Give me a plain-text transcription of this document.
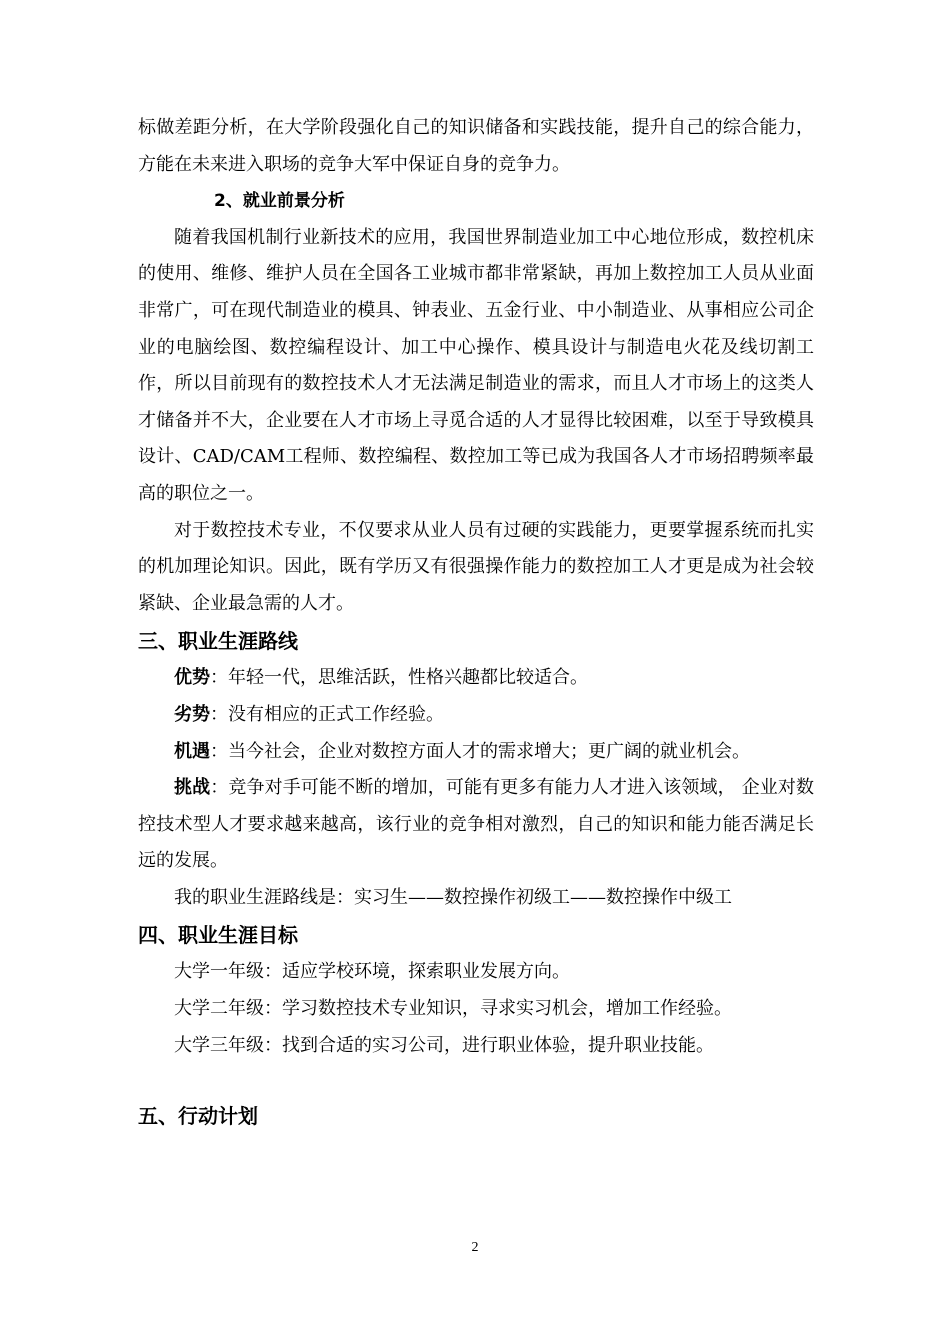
标做差距分析，在大学阶段强化自己的知识储备和实践技能，提升自己的综合能力，方能在未来进入职场的竞争大军中保证自身的竞争力。

2、就业前景分析

随着我国机制行业新技术的应用，我国世界制造业加工中心地位形成，数控机床的使用、维修、维护人员在全国各工业城市都非常紧缺，再加上数控加工人员从业面非常广，可在现代制造业的模具、钟表业、五金行业、中小制造业、从事相应公司企业的电脑绘图、数控编程设计、加工中心操作、模具设计与制造电火花及线切割工作，所以目前现有的数控技术人才无法满足制造业的需求，而且人才市场上的这类人才储备并不大，企业要在人才市场上寻觅合适的人才显得比较困难，以至于导致模具设计、CAD/CAM工程师、数控编程、数控加工等已成为我国各人才市场招聘频率最高的职位之一。

对于数控技术专业，不仅要求从业人员有过硬的实践能力，更要掌握系统而扎实的机加理论知识。因此，既有学历又有很强操作能力的数控加工人才更是成为社会较紧缺、企业最急需的人才。

三、职业生涯路线

优势：年轻一代，思维活跃，性格兴趣都比较适合。

劣势：没有相应的正式工作经验。

机遇：当今社会，企业对数控方面人才的需求增大；更广阔的就业机会。

挑战：竞争对手可能不断的增加，可能有更多有能力人才进入该领域， 企业对数控技术型人才要求越来越高，该行业的竞争相对激烈，自己的知识和能力能否满足长远的发展。

我的职业生涯路线是：实习生——数控操作初级工——数控操作中级工

四、职业生涯目标

大学一年级：适应学校环境，探索职业发展方向。

大学二年级：学习数控技术专业知识，寻求实习机会，增加工作经验。

大学三年级：找到合适的实习公司，进行职业体验，提升职业技能。

五、行动计划
2
